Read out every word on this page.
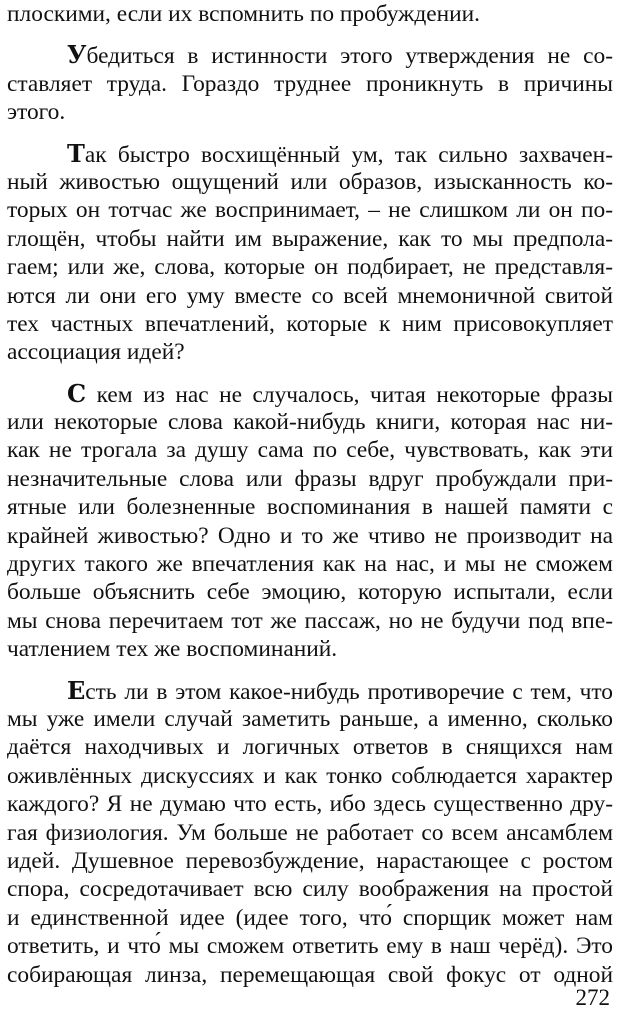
плоскими, если их вспомнить по пробуждении.
Убедиться в истинности этого утверждения не со-
ставляет труда. Гораздо труднее проникнуть в причины
этого.
Так быстро восхищённый ум, так сильно захвачен-
ный живостью ощущений или образов, изысканность ко-
торых он тотчас же воспринимает, – не слишком ли он по-
глощён, чтобы найти им выражение, как то мы предпола-
гаем; или же, слова, которые он подбирает, не представля-
ются ли они его уму вместе со всей мнемоничной свитой
тех частных впечатлений, которые к ним присовокупляет
ассоциация идей?
С кем из нас не случалось, читая некоторые фразы
или некоторые слова какой-нибудь книги, которая нас ни-
как не трогала за душу сама по себе, чувствовать, как эти
незначительные слова или фразы вдруг пробуждали при-
ятные или болезненные воспоминания в нашей памяти с
крайней живостью? Одно и то же чтиво не производит на
других такого же впечатления как на нас, и мы не сможем
больше объяснить себе эмоцию, которую испытали, если
мы снова перечитаем тот же пассаж, но не будучи под впе-
чатлением тех же воспоминаний.
Есть ли в этом какое-нибудь противоречие с тем, что
мы уже имели случай заметить раньше, а именно, сколько
даётся находчивых и логичных ответов в снящихся нам
оживлённых дискуссиях и как тонко соблюдается характер
каждого? Я не думаю что есть, ибо здесь существенно дру-
гая физиология. Ум больше не работает со всем ансамблем
идей. Душевное перевозбуждение, нарастающее с ростом
спора, сосредотачивает всю силу воображения на простой
и единственной идее (идее того, что́ спорщик может нам
ответить, и что́ мы сможем ответить ему в наш черёд). Это
собирающая линза, перемещающая свой фокус от одной
272
